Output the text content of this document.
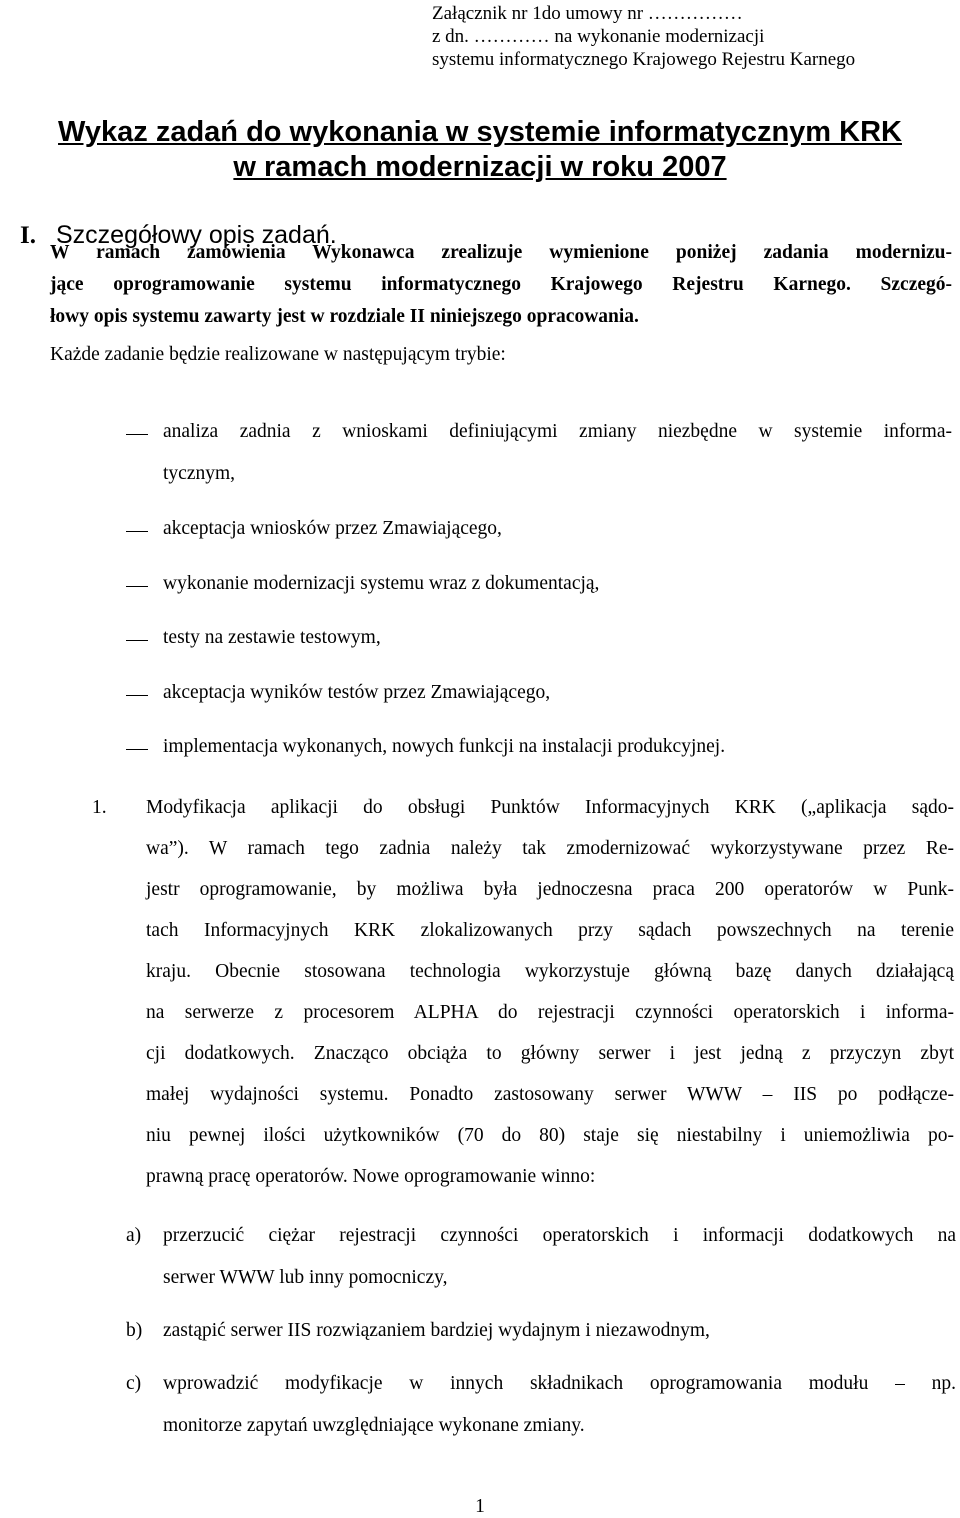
Załącznik nr 1do umowy nr ……………
z dn. ………… na wykonanie modernizacji
systemu informatycznego Krajowego Rejestru Karnego
Wykaz zadań do wykonania w systemie informatycznym KRK
w ramach modernizacji w roku 2007
I. Szczegółowy opis zadań.
W ramach zamówienia Wykonawca zrealizuje wymienione poniżej zadania modernizu-
jące oprogramowanie systemu informatycznego Krajowego Rejestru Karnego. Szczegó-
łowy opis systemu zawarty jest w rozdziale II niniejszego opracowania.
Każde zadanie będzie realizowane w następującym trybie:
analiza zadnia z wnioskami definiującymi zmiany niezbędne w systemie informa-
tycznym,
akceptacja wniosków przez Zmawiającego,
wykonanie modernizacji systemu wraz z dokumentacją,
testy na zestawie testowym,
akceptacja wyników testów przez Zmawiającego,
implementacja wykonanych, nowych funkcji na instalacji produkcyjnej.
1. Modyfikacja aplikacji do obsługi Punktów Informacyjnych KRK („aplikacja sądo-
wa”). W ramach tego zadnia należy tak zmodernizować wykorzystywane przez Re-
jestr oprogramowanie, by możliwa była jednoczesna praca 200 operatorów w Punk-
tach Informacyjnych KRK zlokalizowanych przy sądach powszechnych na terenie
kraju. Obecnie stosowana technologia wykorzystuje główną bazę danych działającą
na serwerze z procesorem ALPHA do rejestracji czynności operatorskich i informa-
cji dodatkowych. Znacząco obciąża to główny serwer i jest jedną z przyczyn zbyt
małej wydajności systemu. Ponadto zastosowany serwer WWW – IIS po podłącze-
niu pewnej ilości użytkowników (70 do 80) staje się niestabilny i uniemożliwia po-
prawną pracę operatorów. Nowe oprogramowanie winno:
a) przerzucić ciężar rejestracji czynności operatorskich i informacji dodatkowych na
serwer WWW lub inny pomocniczy,
b) zastąpić serwer IIS rozwiązaniem bardziej wydajnym i niezawodnym,
c) wprowadzić modyfikacje w innych składnikach oprogramowania modułu – np.
monitorze zapytań uwzględniające wykonane zmiany.
1
